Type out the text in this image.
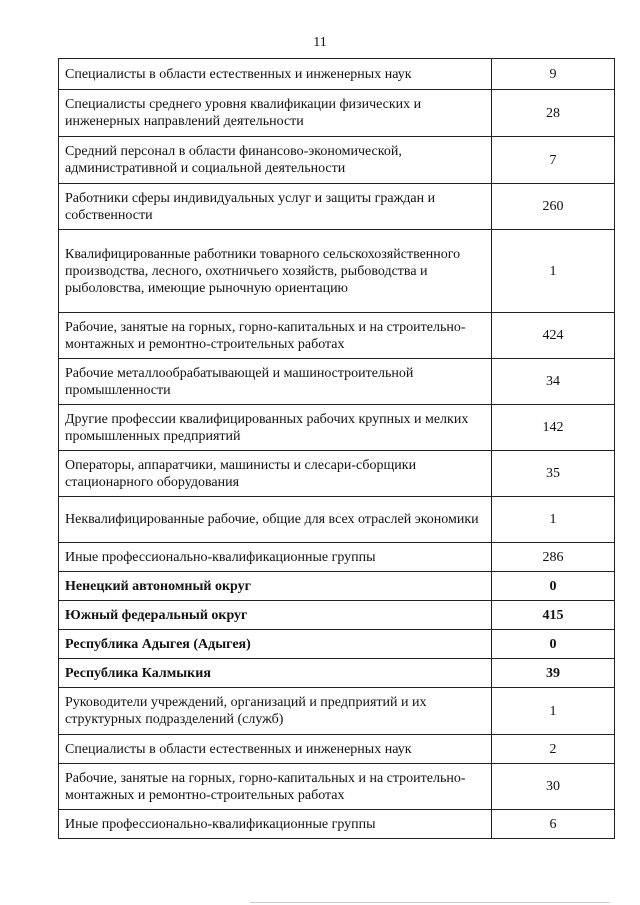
11
Специалисты в области естественных и инженерных наук	9
Специалисты среднего уровня квалификации физических и инженерных направлений деятельности	28
Средний персонал в области финансово-экономической, административной и социальной деятельности	7
Работники сферы индивидуальных услуг и защиты граждан и собственности	260
Квалифицированные работники товарного сельскохозяйственного производства, лесного, охотничьего хозяйств, рыбоводства и рыболовства, имеющие рыночную ориентацию	1
Рабочие, занятые на горных, горно-капитальных и на строительно-монтажных и ремонтно-строительных работах	424
Рабочие металлообрабатывающей и машиностроительной промышленности	34
Другие профессии квалифицированных рабочих крупных и мелких промышленных предприятий	142
Операторы, аппаратчики, машинисты и слесари-сборщики стационарного оборудования	35
Неквалифицированные рабочие, общие для всех отраслей экономики	1
Иные профессионально-квалификационные группы	286
Ненецкий автономный округ	0
Южный федеральный округ	415
Республика Адыгея (Адыгея)	0
Республика Калмыкия	39
Руководители учреждений, организаций и предприятий и их структурных подразделений (служб)	1
Специалисты в области естественных и инженерных наук	2
Рабочие, занятые на горных, горно-капитальных и на строительно-монтажных и ремонтно-строительных работах	30
Иные профессионально-квалификационные группы	6
